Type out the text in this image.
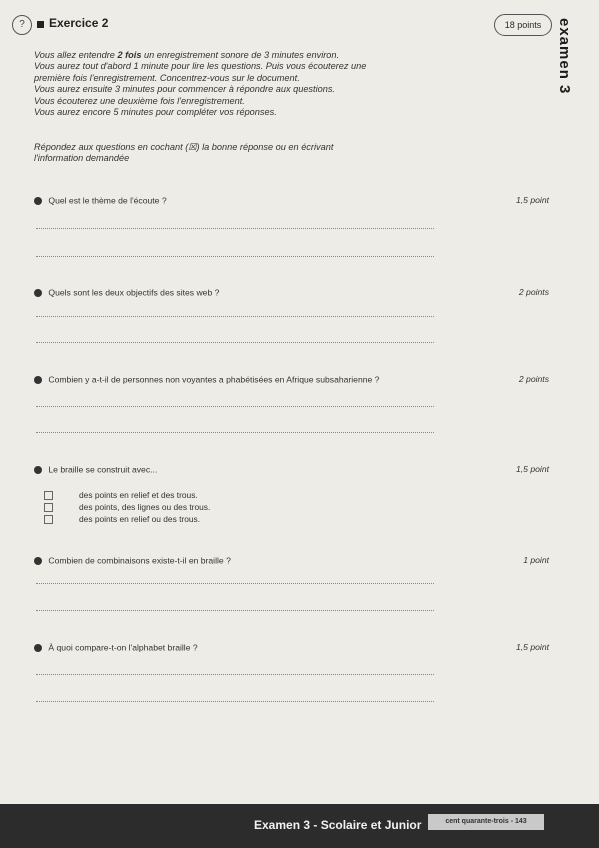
?	Exercice 2	18 points examen 3

Vous allez entendre 2 fois un enregistrement sonore de 3 minutes environ.

Vous aurez tout d'abord 1 minute pour lire les questions. Puis vous écouterez une

première fois l'enregistrement. Concentrez-vous sur le document.

Vous aurez ensuite 3 minutes pour commencer à répondre aux questions.

Vous écouterez une deuxième fois l'enregistrement.

Vous aurez encore 5 minutes pour compléter vos réponses.

Répondez aux questions en cochant (☒) la bonne réponse ou en écrivant
l'information demandée
Quel est le thème de l'écoute ?	1,5 point
Quels sont les deux objectifs des sites web ?	2 points
Combien y a-t-il de personnes non voyantes a phabétisées en Afrique subsaharienne ?	2 points
Le braille se construit avec...	1,5 point
des points en relief et des trous.
des points, des lignes ou des trous.
des points en relief ou des trous.
Combien de combinaisons existe-t-il en braille ?	1 point
À quoi compare-t-on l'alphabet braille ?	1,5 point
Examen 3 - Scolaire et Junior	cent quarante-trois - 143
